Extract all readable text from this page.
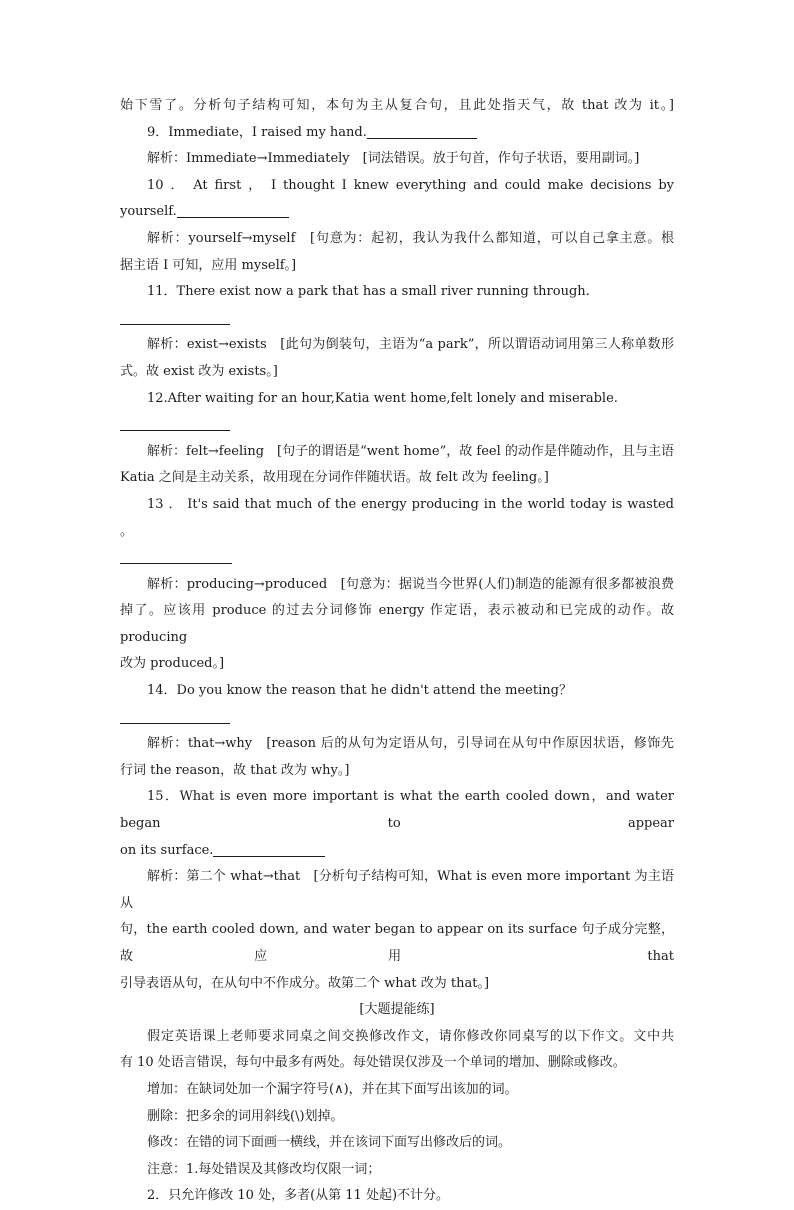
始下雪了。分析句子结构可知，本句为主从复合句，且此处指天气，故 that 改为 it。]

9．Immediate，I raised my hand.

解析：Immediate→Immediately　[词法错误。放于句首，作句子状语，要用副词。]

10 ． At first ， I thought I knew everything and could make decisions by

yourself.

解析：yourself→myself　[句意为：起初，我认为我什么都知道，可以自己拿主意。根

据主语 I 可知，应用 myself。]

11．There exist now a park that has a small river running through.

解析：exist→exists　[此句为倒装句，主语为“a park”，所以谓语动词用第三人称单数形

式。故 exist 改为 exists。]

12.After waiting for an hour,Katia went home,felt lonely and miserable.

解析：felt→feeling　[句子的谓语是“went home”，故 feel 的动作是伴随动作，且与主语

Katia 之间是主动关系，故用现在分词作伴随状语。故 felt 改为 feeling。]

13 ． It's said that much of the energy producing in the world today is wasted 。

解析：producing→produced　[句意为：据说当今世界(人们)制造的能源有很多都被浪费

掉了。应该用 produce 的过去分词修饰 energy 作定语，表示被动和已完成的动作。故 producing

改为 produced。]

14．Do you know the reason that he didn't attend the meeting？

解析：that→why　[reason 后的从句为定语从句，引导词在从句中作原因状语，修饰先

行词 the reason，故 that 改为 why。]

15．What is even more important is what the earth cooled down，and water began to appear

on its surface.

解析：第二个 what→that　[分析句子结构可知，What is even more important 为主语从

句，the earth cooled down, and water began to appear on its surface 句子成分完整，故应用 that

引导表语从句，在从句中不作成分。故第二个 what 改为 that。]

[大题提能练]

假定英语课上老师要求同桌之间交换修改作文，请你修改你同桌写的以下作文。文中共

有 10 处语言错误，每句中最多有两处。每处错误仅涉及一个单词的增加、删除或修改。

增加：在缺词处加一个漏字符号(∧)，并在其下面写出该加的词。

删除：把多余的词用斜线(\)划掉。

修改：在错的词下面画一横线，并在该词下面写出修改后的词。

注意：1.每处错误及其修改均仅限一词；

2．只允许修改 10 处，多者(从第 11 处起)不计分。
